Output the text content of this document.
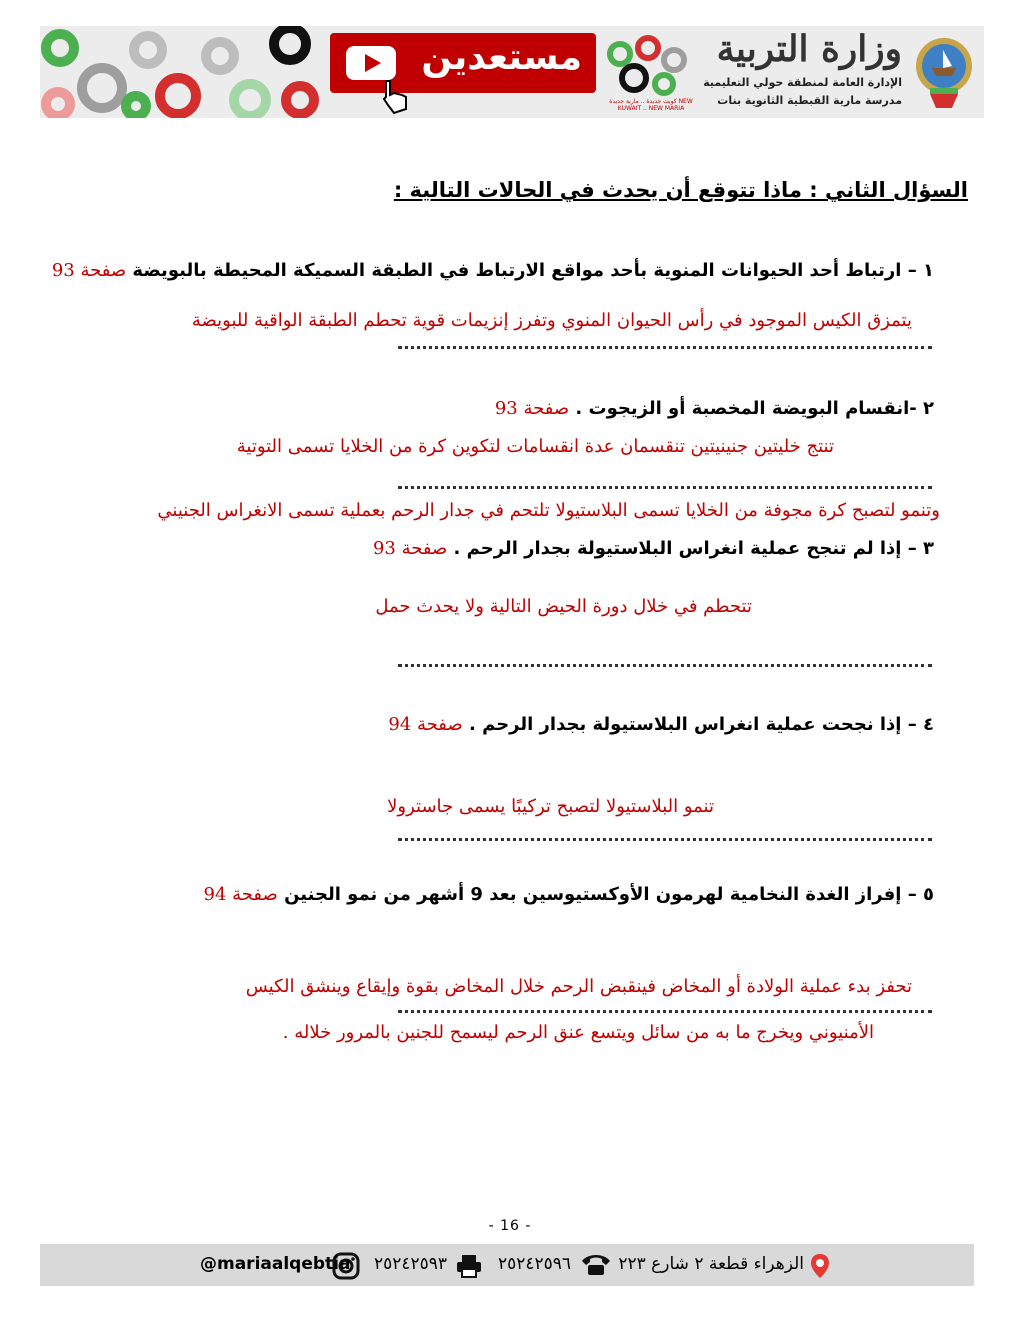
مستعدين
كويت جديدة .. مارية جديدة NEW KUWAIT .. NEW MARIA
وزارة التربية
الإدارة العامة لمنطقة حولي التعليمية
مدرسة مارية القبطية الثانوية بنات
السؤال الثاني : ماذا تتوقع أن يحدث في الحالات التالية :
١ – ارتباط أحد الحيوانات المنوية بأحد مواقع الارتباط في الطبقة السميكة المحيطة بالبويضة صفحة 93
يتمزق الكيس الموجود في رأس الحيوان المنوي وتفرز إنزيمات قوية تحطم الطبقة الواقية للبويضة
٢ -انقسام البويضة المخصبة أو الزيجوت . صفحة 93
تنتج خليتين جنينيتين تنقسمان عدة انقسامات لتكوين كرة من الخلايا تسمى التوتية
وتنمو لتصبح كرة مجوفة من الخلايا تسمى البلاستيولا تلتحم في جدار الرحم بعملية تسمى الانغراس الجنيني
٣ – إذا لم تنجح عملية انغراس البلاستيولة بجدار الرحم . صفحة 93
تتحطم في خلال دورة الحيض التالية ولا يحدث حمل
٤ – إذا نجحت عملية انغراس البلاستيولة بجدار الرحم . صفحة 94
تنمو البلاستيولا لتصبح تركيبًا يسمى جاسترولا
٥ – إفراز الغدة النخامية لهرمون الأوكستيوسين بعد 9 أشهر من نمو الجنين صفحة 94
تحفز بدء عملية الولادة أو المخاض فينقبض الرحم خلال المخاض بقوة وإيقاع وينشق الكيس
الأمنيوني ويخرج ما به من سائل ويتسع عنق الرحم ليسمح للجنين بالمرور خلاله .
- 16 -
الزهراء قطعة ٢ شارع ٢٢٣
٢٥٢٤٢٥٩٦
٢٥٢٤٢٥٩٣
@mariaalqebtia
